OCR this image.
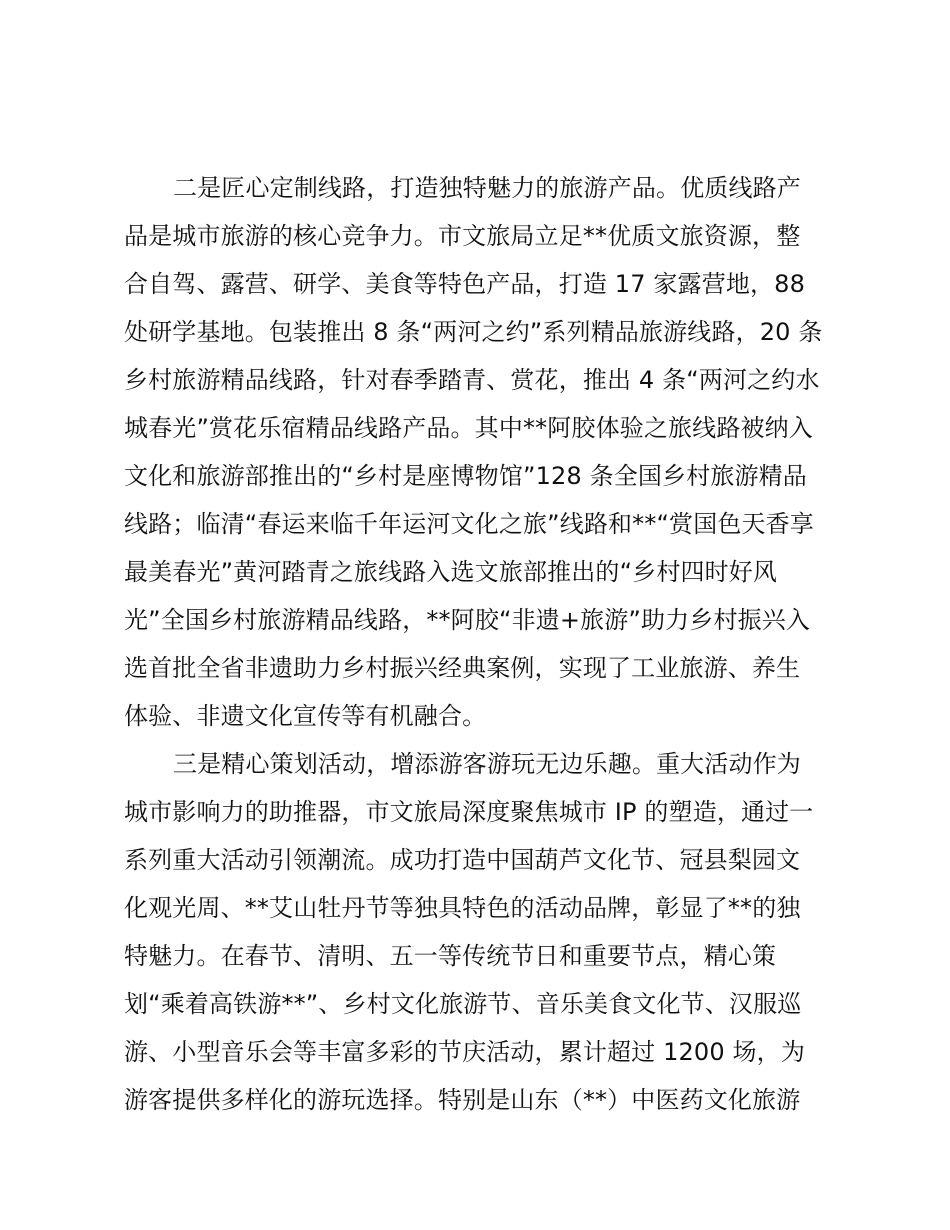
二是匠心定制线路，打造独特魅力的旅游产品。优质线路产
品是城市旅游的核心竞争力。市文旅局立足**优质文旅资源，整
合自驾、露营、研学、美食等特色产品，打造 17 家露营地，88
处研学基地。包装推出 8 条“两河之约”系列精品旅游线路，20 条
乡村旅游精品线路，针对春季踏青、赏花，推出 4 条“两河之约水
城春光”赏花乐宿精品线路产品。其中**阿胶体验之旅线路被纳入
文化和旅游部推出的“乡村是座博物馆”128 条全国乡村旅游精品
线路；临清“春运来临千年运河文化之旅”线路和**“赏国色天香享
最美春光”黄河踏青之旅线路入选文旅部推出的“乡村四时好风
光”全国乡村旅游精品线路，**阿胶“非遗+旅游”助力乡村振兴入
选首批全省非遗助力乡村振兴经典案例，实现了工业旅游、养生
体验、非遗文化宣传等有机融合。
三是精心策划活动，增添游客游玩无边乐趣。重大活动作为
城市影响力的助推器，市文旅局深度聚焦城市 IP 的塑造，通过一
系列重大活动引领潮流。成功打造中国葫芦文化节、冠县梨园文
化观光周、**艾山牡丹节等独具特色的活动品牌，彰显了**的独
特魅力。在春节、清明、五一等传统节日和重要节点，精心策
划“乘着高铁游**”、乡村文化旅游节、音乐美食文化节、汉服巡
游、小型音乐会等丰富多彩的节庆活动，累计超过 1200 场，为
游客提供多样化的游玩选择。特别是山东（**）中医药文化旅游
